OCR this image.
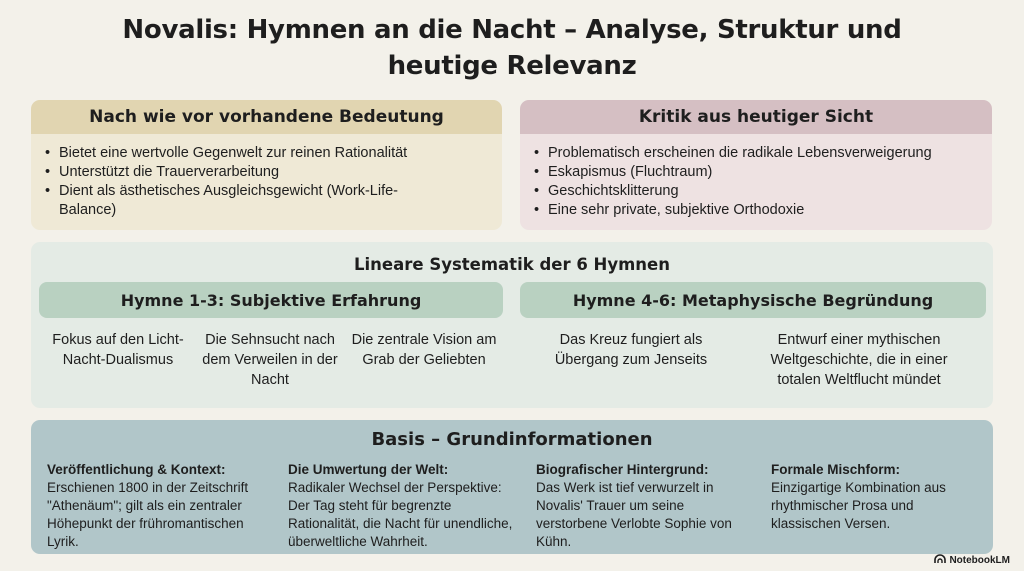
Novalis: Hymnen an die Nacht – Analyse, Struktur und
heutige Relevanz
Nach wie vor vorhandene Bedeutung
• Bietet eine wertvolle Gegenwelt zur reinen Rationalität
• Unterstützt die Trauerverarbeitung
• Dient als ästhetisches Ausgleichsgewicht (Work-Life-Balance)
Kritik aus heutiger Sicht
• Problematisch erscheinen die radikale Lebensverweigerung
• Eskapismus (Fluchtraum)
• Geschichtsklitterung
• Eine sehr private, subjektive Orthodoxie
Lineare Systematik der 6 Hymnen
Hymne 1-3: Subjektive Erfahrung	Hymne 4-6: Metaphysische Begründung
Fokus auf den Licht-Nacht-Dualismus
Die Sehnsucht nach dem Verweilen in der Nacht
Die zentrale Vision am Grab der Geliebten
Das Kreuz fungiert als Übergang zum Jenseits
Entwurf einer mythischen Weltgeschichte, die in einer totalen Weltflucht mündet
Basis – Grundinformationen
Veröffentlichung & Kontext:
Erschienen 1800 in der Zeitschrift "Athenäum"; gilt als ein zentraler Höhepunkt der frühromantischen Lyrik.
Die Umwertung der Welt:
Radikaler Wechsel der Perspektive: Der Tag steht für begrenzte Rationalität, die Nacht für unendliche, überweltliche Wahrheit.
Biografischer Hintergrund:
Das Werk ist tief verwurzelt in Novalis' Trauer um seine verstorbene Verlobte Sophie von Kühn.
Formale Mischform:
Einzigartige Kombination aus rhythmischer Prosa und klassischen Versen.
NotebookLM
